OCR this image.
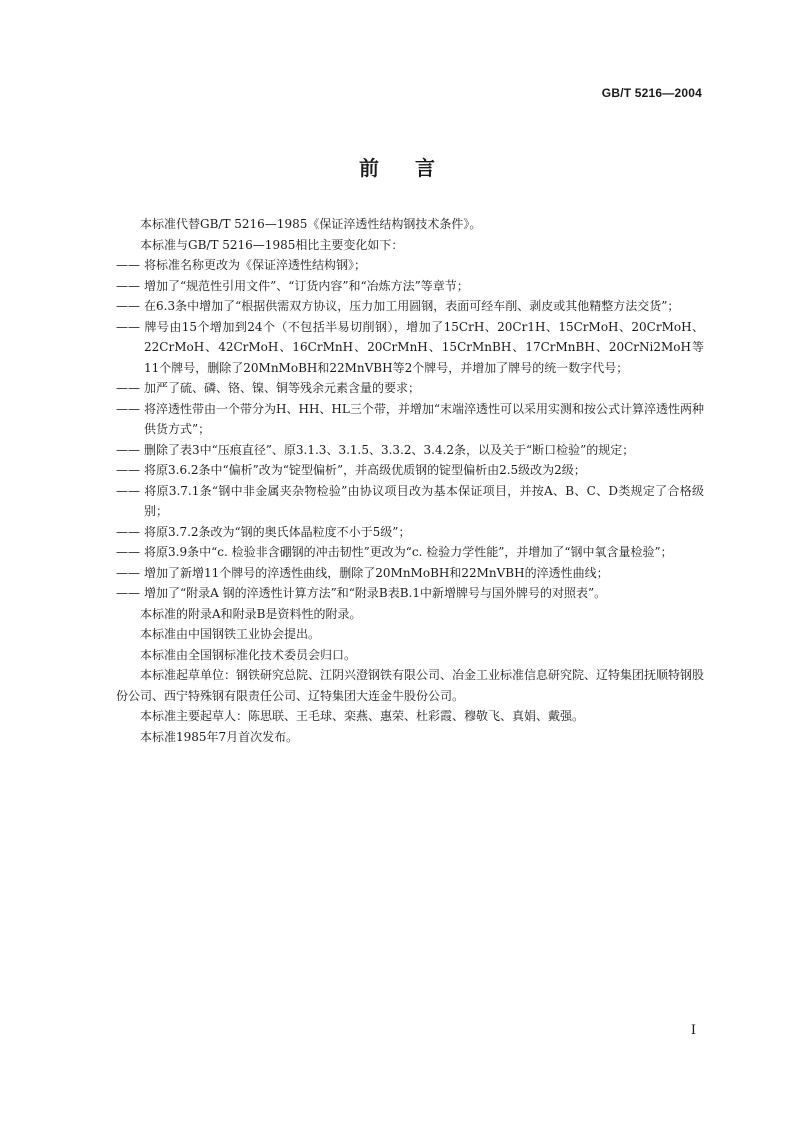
GB/T 5216—2004
前言

本标准代替GB/T 5216—1985《保证淬透性结构钢技术条件》。

本标准与GB/T 5216—1985相比主要变化如下：

—— 将标准名称更改为《保证淬透性结构钢》；

—— 增加了“规范性引用文件”、“订货内容”和“冶炼方法”等章节；

—— 在6.3条中增加了“根据供需双方协议，压力加工用圆钢，表面可经车削、剥皮或其他精整方法交货”；

—— 牌号由15个增加到24个（不包括半易切削钢），增加了15CrH、20Cr1H、15CrMoH、20CrMoH、22CrMoH、42CrMoH、16CrMnH、20CrMnH、15CrMnBH、17CrMnBH、20CrNi2MoH等11个牌号，删除了20MnMoBH和22MnVBH等2个牌号，并增加了牌号的统一数字代号；

—— 加严了硫、磷、铬、镍、铜等残余元素含量的要求；

—— 将淬透性带由一个带分为H、HH、HL三个带，并增加“末端淬透性可以采用实测和按公式计算淬透性两种供货方式”；

—— 删除了表3中“压痕直径”、原3.1.3、3.1.5、3.3.2、3.4.2条，以及关于“断口检验”的规定；

—— 将原3.6.2条中“偏析”改为“锭型偏析”，并高级优质钢的锭型偏析由2.5级改为2级；

—— 将原3.7.1条“钢中非金属夹杂物检验”由协议项目改为基本保证项目，并按A、B、C、D类规定了合格级别；

—— 将原3.7.2条改为“钢的奥氏体晶粒度不小于5级”；

—— 将原3.9条中“c. 检验非含硼钢的冲击韧性”更改为“c. 检验力学性能”，并增加了“钢中氧含量检验”；

—— 增加了新增11个牌号的淬透性曲线，删除了20MnMoBH和22MnVBH的淬透性曲线；

—— 增加了“附录A 钢的淬透性计算方法”和“附录B表B.1中新增牌号与国外牌号的对照表”。

本标准的附录A和附录B是资料性的附录。

本标准由中国钢铁工业协会提出。

本标准由全国钢标准化技术委员会归口。

本标准起草单位：钢铁研究总院、江阴兴澄钢铁有限公司、冶金工业标准信息研究院、辽特集团抚顺特钢股份公司、西宁特殊钢有限责任公司、辽特集团大连金牛股份公司。

本标准主要起草人：陈思联、王毛球、栾燕、惠荣、杜彩霞、穆敬飞、真娟、戴强。

本标准1985年7月首次发布。

I
